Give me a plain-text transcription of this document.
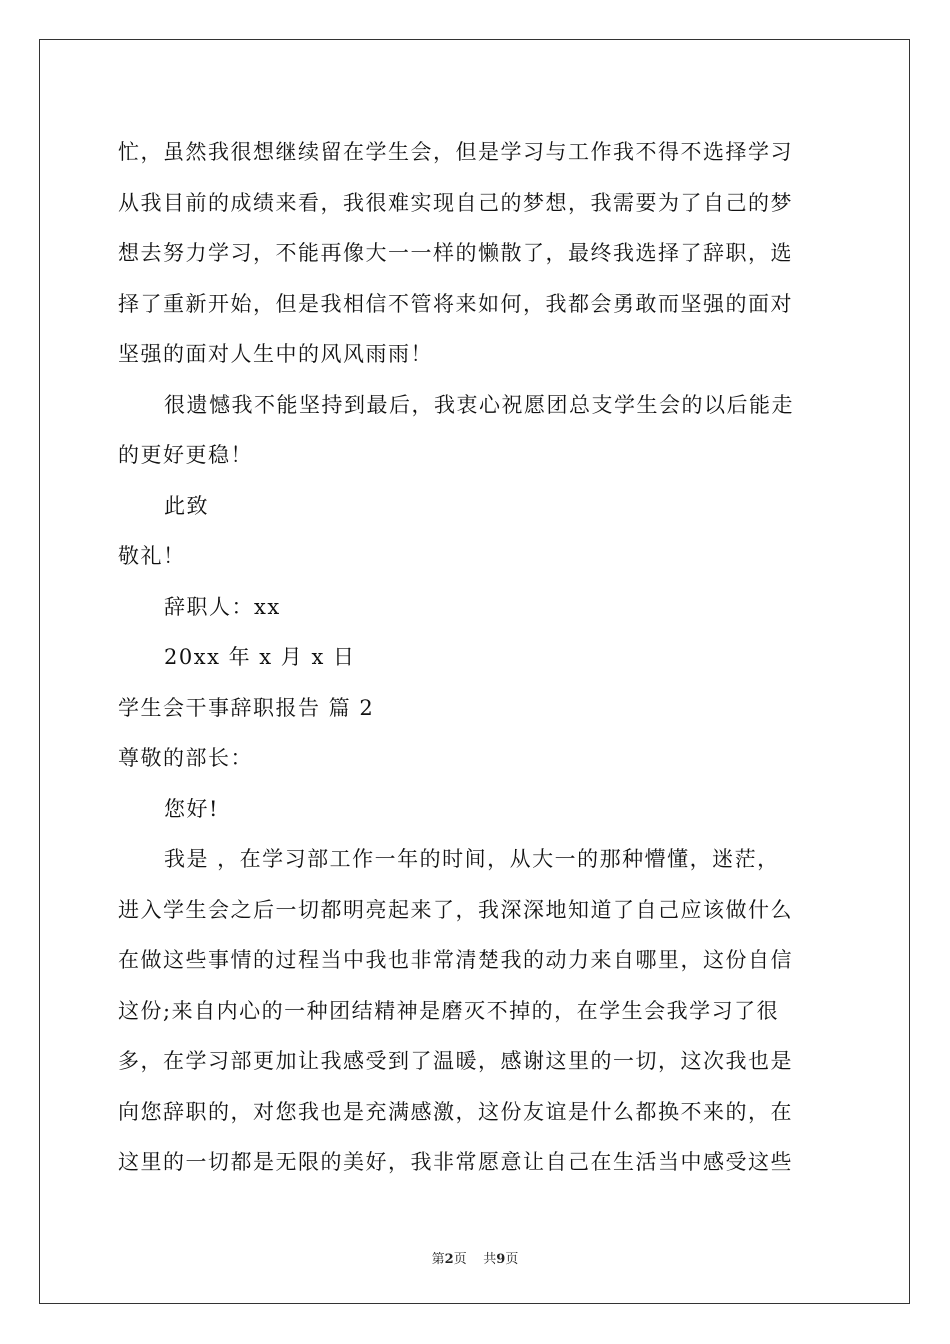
忙，虽然我很想继续留在学生会，但是学习与工作我不得不选择学习
从我目前的成绩来看，我很难实现自己的梦想，我需要为了自己的梦
想去努力学习，不能再像大一一样的懒散了，最终我选择了辞职，选
择了重新开始，但是我相信不管将来如何，我都会勇敢而坚强的面对
坚强的面对人生中的风风雨雨！
很遗憾我不能坚持到最后，我衷心祝愿团总支学生会的以后能走
的更好更稳！
此致
敬礼！
辞职人：xx
20xx 年 x 月 x 日
学生会干事辞职报告 篇 2
尊敬的部长：
您好!
我是 ，在学习部工作一年的时间，从大一的那种懵懂，迷茫，
进入学生会之后一切都明亮起来了，我深深地知道了自己应该做什么
在做这些事情的过程当中我也非常清楚我的动力来自哪里，这份自信
这份;来自内心的一种团结精神是磨灭不掉的，在学生会我学习了很
多，在学习部更加让我感受到了温暖，感谢这里的一切，这次我也是
向您辞职的，对您我也是充满感激，这份友谊是什么都换不来的，在
这里的一切都是无限的美好，我非常愿意让自己在生活当中感受这些
第2页 共9页
